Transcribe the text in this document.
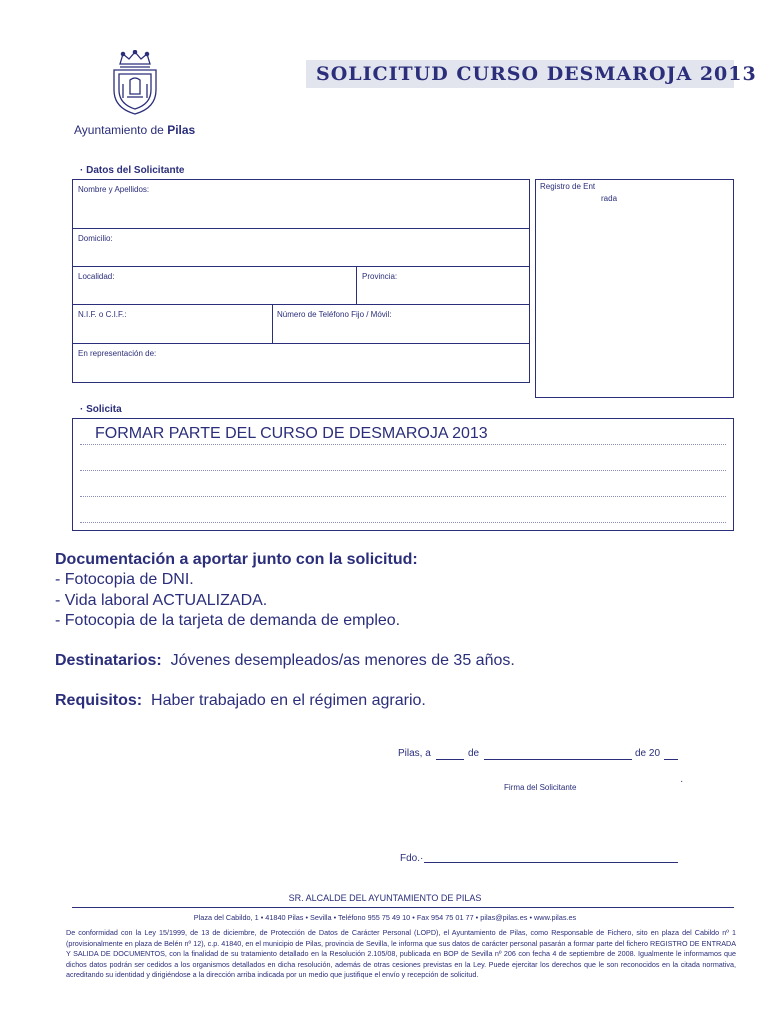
Ayuntamiento de Pilas
SOLICITUD CURSO DESMAROJA 2013
· Datos del Solicitante
Nombre y Apellidos:
Domicilio:
Localidad:	Provincia:
N.I.F. o C.I.F.:	Número de Teléfono Fijo / Móvil:
En representación de:
Registro de Ent
rada
· Solicita
FORMAR PARTE DEL CURSO DE DESMAROJA 2013
Documentación a aportar junto con la solicitud:
- Fotocopia de DNI.
- Vida laboral ACTUALIZADA.
- Fotocopia de la tarjeta de demanda de empleo.
Destinatarios: Jóvenes desempleados/as menores de 35 años.
Requisitos: Haber trabajado en el régimen agrario.
Pilas, a	de	de 20
·
Firma del Solicitante
Fdo.·
SR. ALCALDE DEL AYUNTAMIENTO DE PILAS
Plaza del Cabildo, 1 • 41840 Pilas • Sevilla • Teléfono 955 75 49 10 • Fax 954 75 01 77 • pilas@pilas.es • www.pilas.es
De conformidad con la Ley 15/1999, de 13 de diciembre, de Protección de Datos de Carácter Personal (LOPD), el Ayuntamiento de Pilas, como Responsable de Fichero, sito en plaza del Cabildo nº 1 (provisionalmente en plaza de Belén nº 12), c.p. 41840, en el municipio de Pilas, provincia de Sevilla, le informa que sus datos de carácter personal pasarán a formar parte del fichero REGISTRO DE ENTRADA Y SALIDA DE DOCUMENTOS, con la finalidad de su tratamiento detallado en la Resolución 2.105/08, publicada en BOP de Sevilla nº 206 con fecha 4 de septiembre de 2008. Igualmente le informamos que dichos datos podrán ser cedidos a los organismos detallados en dicha resolución, además de otras cesiones previstas en la Ley. Puede ejercitar los derechos que le son reconocidos en la citada normativa, acreditando su identidad y dirigiéndose a la dirección arriba indicada por un medio que justifique el envío y recepción de solicitud.
